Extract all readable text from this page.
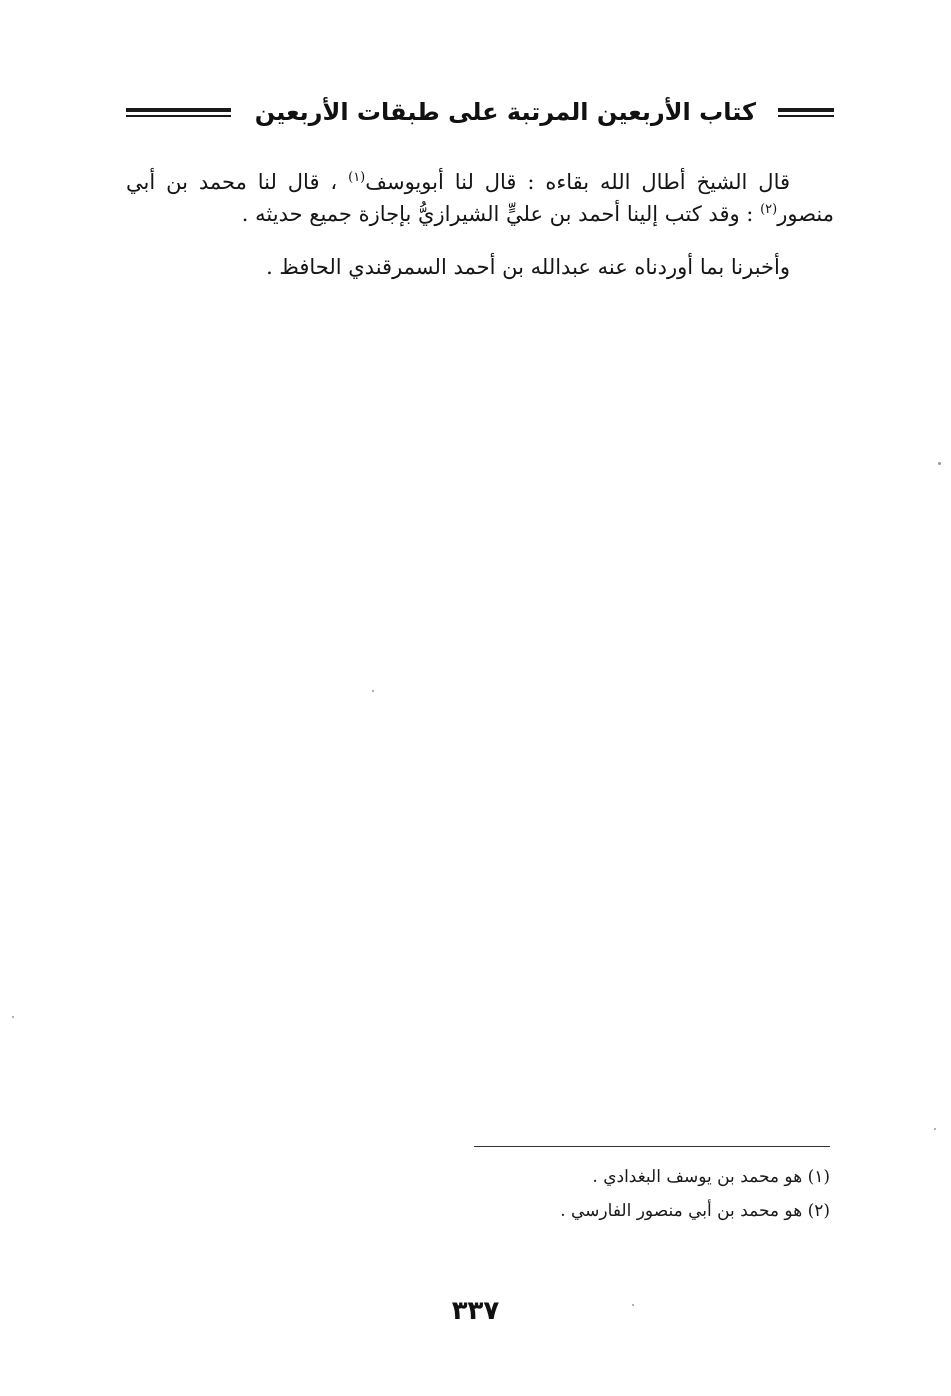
كتاب الأربعين المرتبة على طبقات الأربعين

قال الشيخ أطال الله بقاءه : قال لنا أبويوسف$^{(١)}$ ، قال لنا محمد بن أبي منصور$^{(٢)}$ : وقد كتب إلينا أحمد بن عليٍّ الشيرازيُّ بإجازة جميع حديثه .

وأخبرنا بما أوردناه عنه عبدالله بن أحمد السمرقندي الحافظ .

(١) هو محمد بن يوسف البغدادي .
(٢) هو محمد بن أبي منصور الفارسي .
٣٣٧
